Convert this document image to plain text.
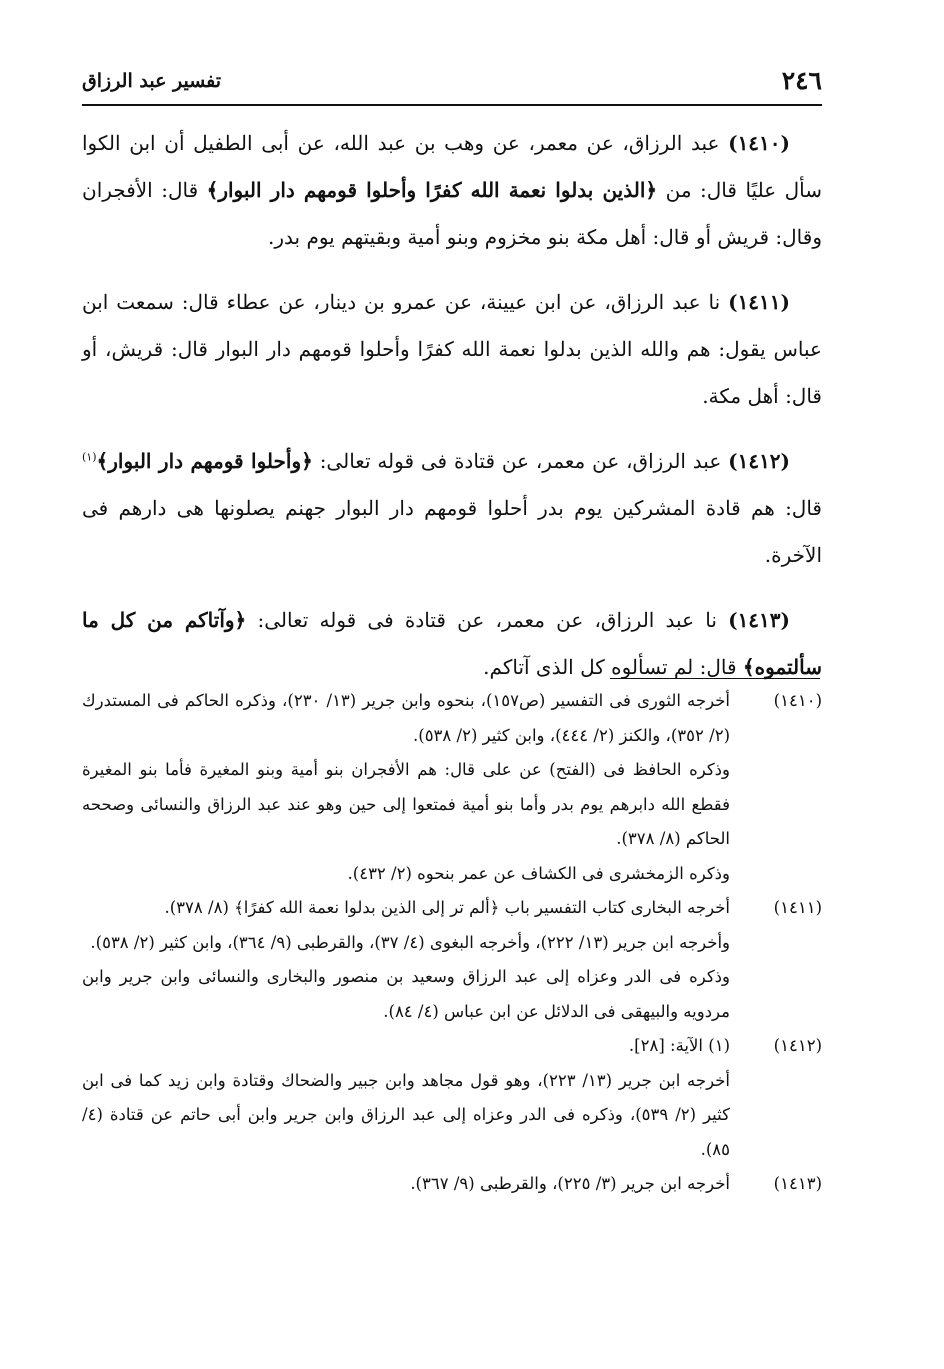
٢٤٦
تفسير عبد الرزاق

(١٤١٠) عبد الرزاق، عن معمر، عن وهب بن عبد الله، عن أبى الطفيل أن ابن الكوا سأل عليًا قال: من ﴿الذين بدلوا نعمة الله كفرًا وأحلوا قومهم دار البوار﴾ قال: الأفجران وقال: قريش أو قال: أهل مكة بنو مخزوم وبنو أمية وبقيتهم يوم بدر.

(١٤١١) نا عبد الرزاق، عن ابن عيينة، عن عمرو بن دينار، عن عطاء قال: سمعت ابن عباس يقول: هم والله الذين بدلوا نعمة الله كفرًا وأحلوا قومهم دار البوار قال: قريش، أو قال: أهل مكة.

(١٤١٢) عبد الرزاق، عن معمر، عن قتادة فى قوله تعالى: ﴿وأحلوا قومهم دار البوار﴾$^{(١)}$ قال: هم قادة المشركين يوم بدر أحلوا قومهم دار البوار جهنم يصلونها هى دارهم فى الآخرة.

(١٤١٣) نا عبد الرزاق، عن معمر، عن قتادة فى قوله تعالى: ﴿وآتاكم من كل ما سألتموه﴾ قال: لم تسألوه كل الذى آتاكم.

(١٤١٠)

أخرجه الثورى فى التفسير (ص١٥٧)، بنحوه وابن جرير (١٣/ ٢٣٠)، وذكره الحاكم فى المستدرك (٢/ ٣٥٢)، والكنز (٢/ ٤٤٤)، وابن كثير (٢/ ٥٣٨).

وذكره الحافظ فى (الفتح) عن على قال: هم الأفجران بنو أمية وبنو المغيرة فأما بنو المغيرة فقطع الله دابرهم يوم بدر وأما بنو أمية فمتعوا إلى حين وهو عند عبد الرزاق والنسائى وصححه الحاكم (٨/ ٣٧٨).

وذكره الزمخشرى فى الكشاف عن عمر بنحوه (٢/ ٤٣٢).

(١٤١١)

أخرجه البخارى كتاب التفسير باب ﴿ألم تر إلى الذين بدلوا نعمة الله كفرًا﴾ (٨/ ٣٧٨).

وأخرجه ابن جرير (١٣/ ٢٢٢)، وأخرجه البغوى (٤/ ٣٧)، والقرطبى (٩/ ٣٦٤)، وابن كثير (٢/ ٥٣٨).

وذكره فى الدر وعزاه إلى عبد الرزاق وسعيد بن منصور والبخارى والنسائى وابن جرير وابن مردويه والبيهقى فى الدلائل عن ابن عباس (٤/ ٨٤).

(١٤١٢)

(١) الآية: [٢٨].

أخرجه ابن جرير (١٣/ ٢٢٣)، وهو قول مجاهد وابن جبير والضحاك وقتادة وابن زيد كما فى ابن كثير (٢/ ٥٣٩)، وذكره فى الدر وعزاه إلى عبد الرزاق وابن جرير وابن أبى حاتم عن قتادة (٤/ ٨٥).

(١٤١٣)

أخرجه ابن جرير (٣/ ٢٢٥)، والقرطبى (٩/ ٣٦٧).
